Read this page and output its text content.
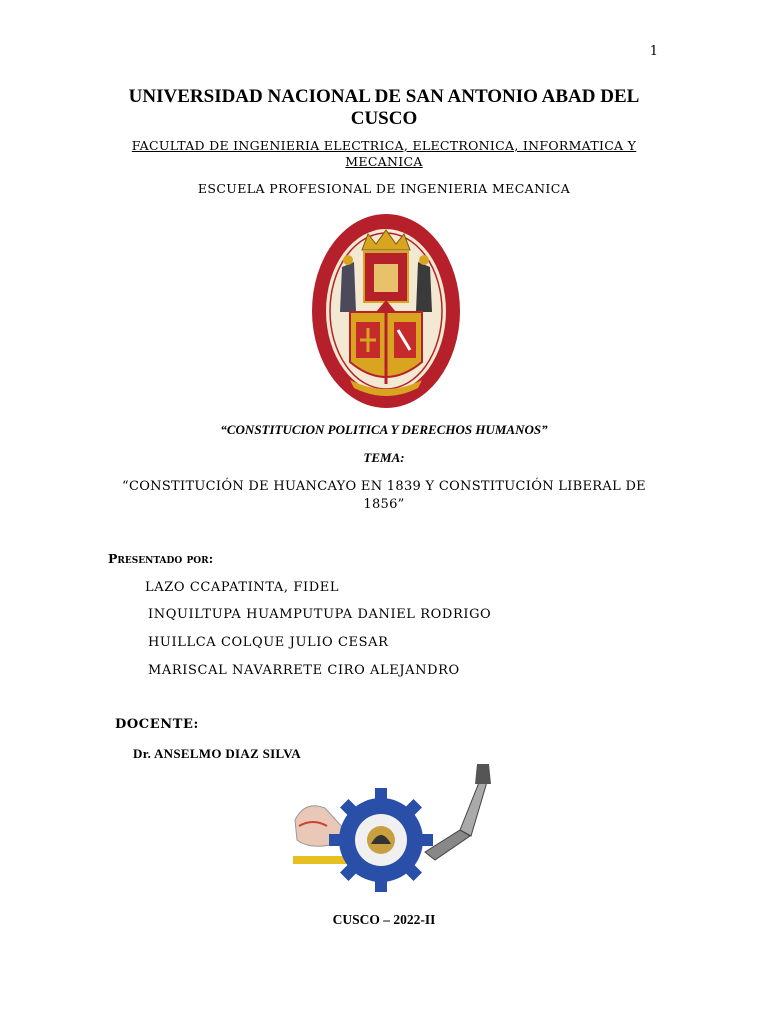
1
UNIVERSIDAD NACIONAL DE SAN ANTONIO ABAD DEL CUSCO
FACULTAD DE INGENIERIA ELECTRICA, ELECTRONICA, INFORMATICA Y MECANICA
ESCUELA PROFESIONAL DE INGENIERIA MECANICA
“CONSTITUCION POLITICA Y DERECHOS HUMANOS”
TEMA:
“CONSTITUCIÓN DE HUANCAYO EN 1839 Y CONSTITUCIÓN LIBERAL DE 1856”
Presentado por:
LAZO CCAPATINTA, FIDEL
INQUILTUPA HUAMPUTUPA DANIEL RODRIGO
HUILLCA COLQUE JULIO CESAR
MARISCAL NAVARRETE CIRO ALEJANDRO
DOCENTE:
Dr. ANSELMO DIAZ SILVA
CUSCO – 2022-II
